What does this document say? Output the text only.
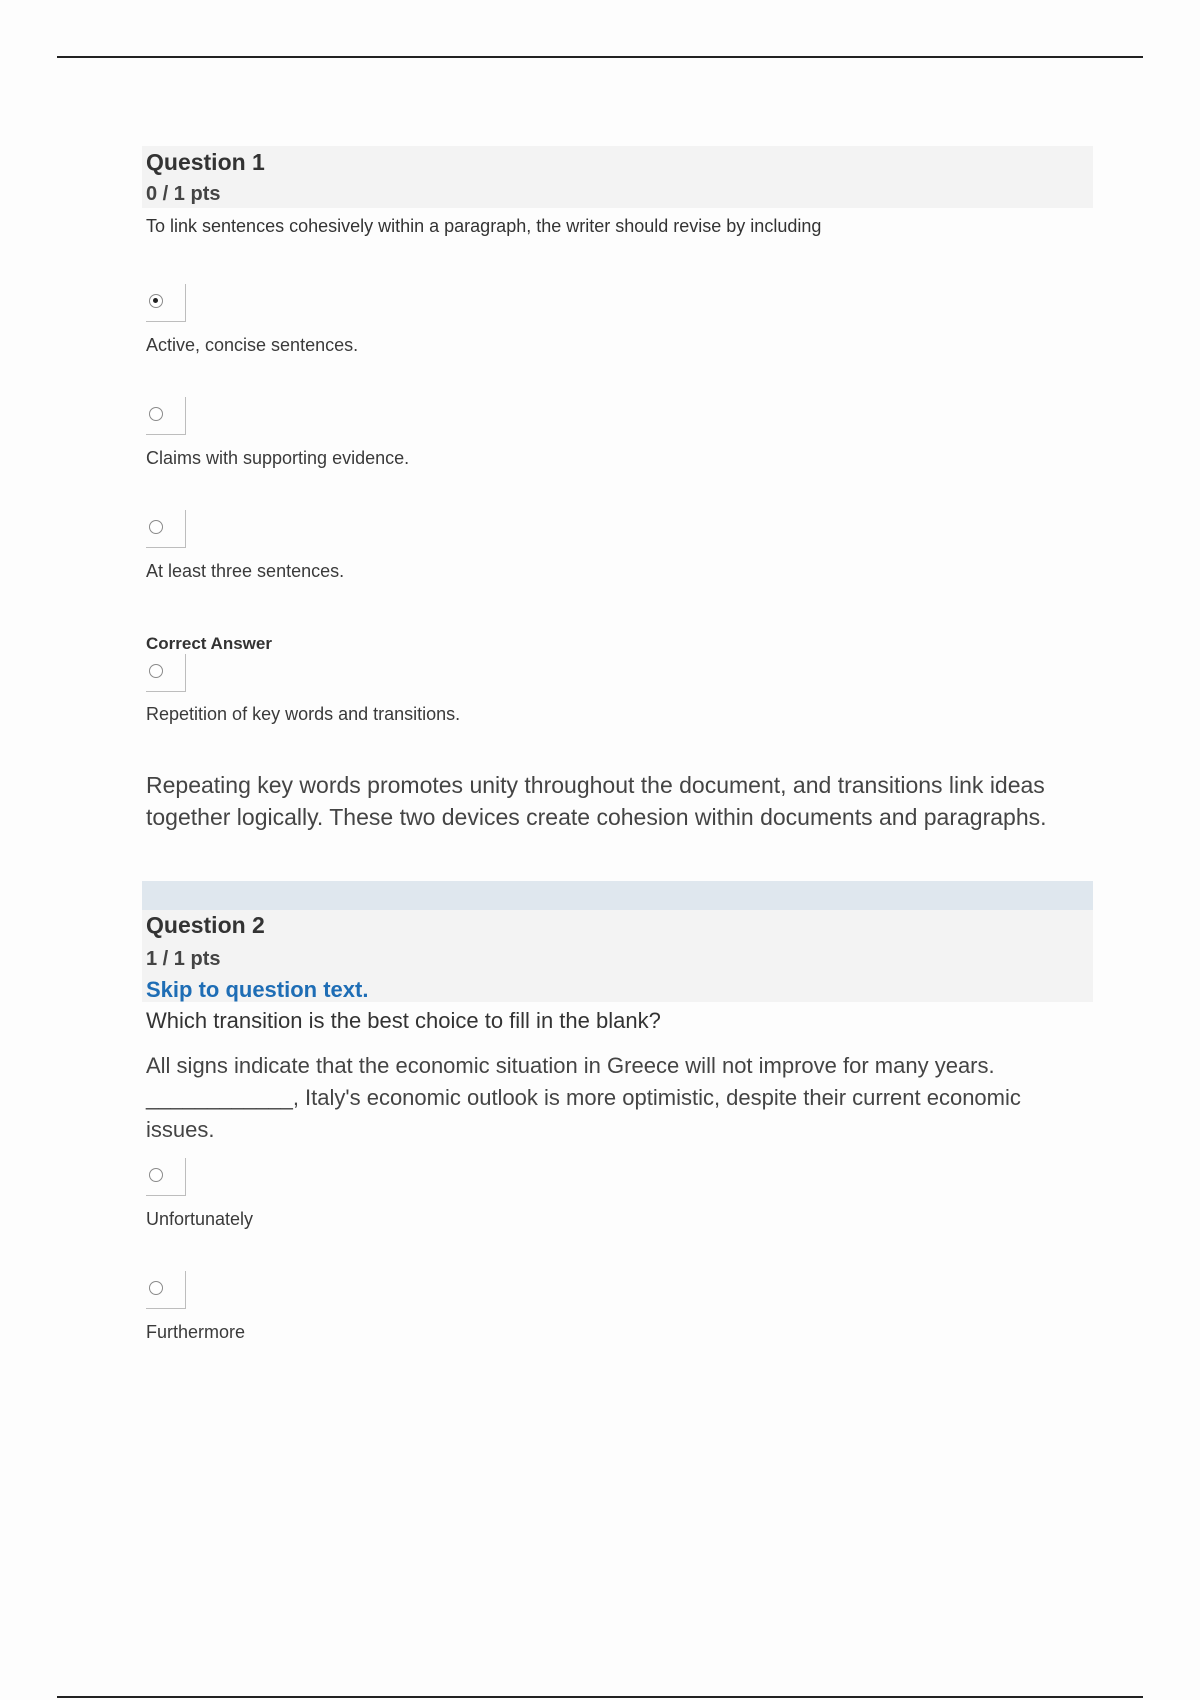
Question 1
0 / 1 pts
To link sentences cohesively within a paragraph, the writer should revise by including
Active, concise sentences.
Claims with supporting evidence.
At least three sentences.
Correct Answer
Repetition of key words and transitions.
Repeating key words promotes unity throughout the document, and transitions link ideas together logically. These two devices create cohesion within documents and paragraphs.
Question 2
1 / 1 pts
Skip to question text.
Which transition is the best choice to fill in the blank?
All signs indicate that the economic situation in Greece will not improve for many years. ____________, Italy's economic outlook is more optimistic, despite their current economic issues.
Unfortunately
Furthermore
